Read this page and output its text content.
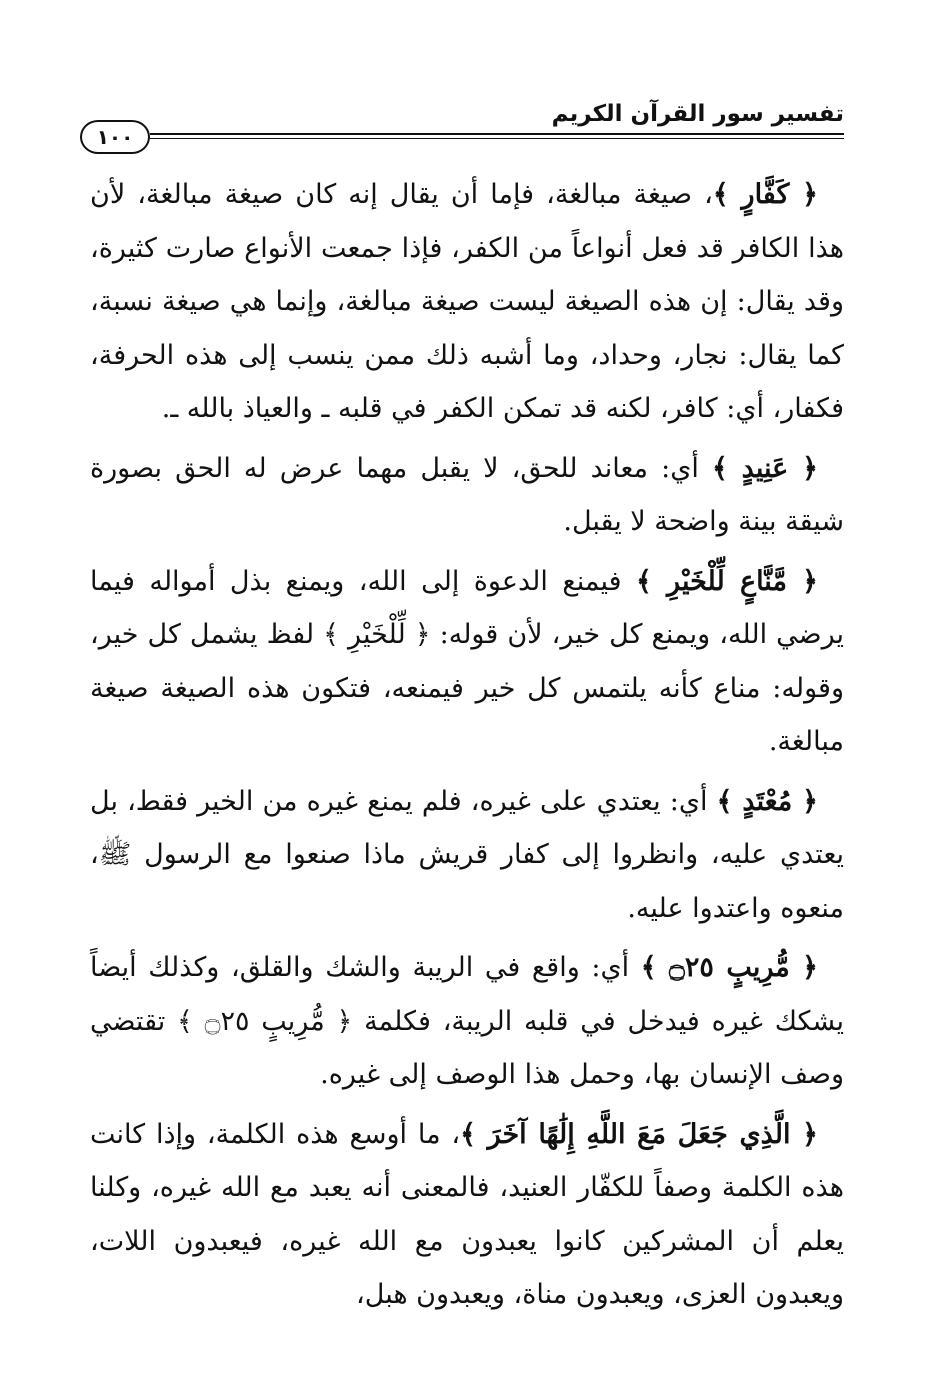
تفسير سور القرآن الكريم
١٠٠

﴿ كَفَّارٍ ﴾، صيغة مبالغة، فإما أن يقال إنه كان صيغة مبالغة، لأن هذا الكافر قد فعل أنواعاً من الكفر، فإذا جمعت الأنواع صارت كثيرة، وقد يقال: إن هذه الصيغة ليست صيغة مبالغة، وإنما هي صيغة نسبة، كما يقال: نجار، وحداد، وما أشبه ذلك ممن ينسب إلى هذه الحرفة، فكفار، أي: كافر، لكنه قد تمكن الكفر في قلبه ـ والعياذ بالله ـ.

﴿ عَنِيدٍ ﴾ أي: معاند للحق، لا يقبل مهما عرض له الحق بصورة شيقة بينة واضحة لا يقبل.

﴿ مَّنَّاعٍ لِّلْخَيْرِ ﴾ فيمنع الدعوة إلى الله، ويمنع بذل أمواله فيما يرضي الله، ويمنع كل خير، لأن قوله: ﴿ لِّلْخَيْرِ ﴾ لفظ يشمل كل خير، وقوله: مناع كأنه يلتمس كل خير فيمنعه، فتكون هذه الصيغة صيغة مبالغة.

﴿ مُعْتَدٍ ﴾ أي: يعتدي على غيره، فلم يمنع غيره من الخير فقط، بل يعتدي عليه، وانظروا إلى كفار قريش ماذا صنعوا مع الرسول ﷺ، منعوه واعتدوا عليه.

﴿ مُّرِيبٍ ۝٢٥ ﴾ أي: واقع في الريبة والشك والقلق، وكذلك أيضاً يشكك غيره فيدخل في قلبه الريبة، فكلمة ﴿ مُّرِيبٍ ۝٢٥ ﴾ تقتضي وصف الإنسان بها، وحمل هذا الوصف إلى غيره.

﴿ الَّذِي جَعَلَ مَعَ اللَّهِ إِلَٰهًا آخَرَ ﴾، ما أوسع هذه الكلمة، وإذا كانت هذه الكلمة وصفاً للكفّار العنيد، فالمعنى أنه يعبد مع الله غيره، وكلنا يعلم أن المشركين كانوا يعبدون مع الله غيره، فيعبدون اللات، ويعبدون العزى، ويعبدون مناة، ويعبدون هبل،
